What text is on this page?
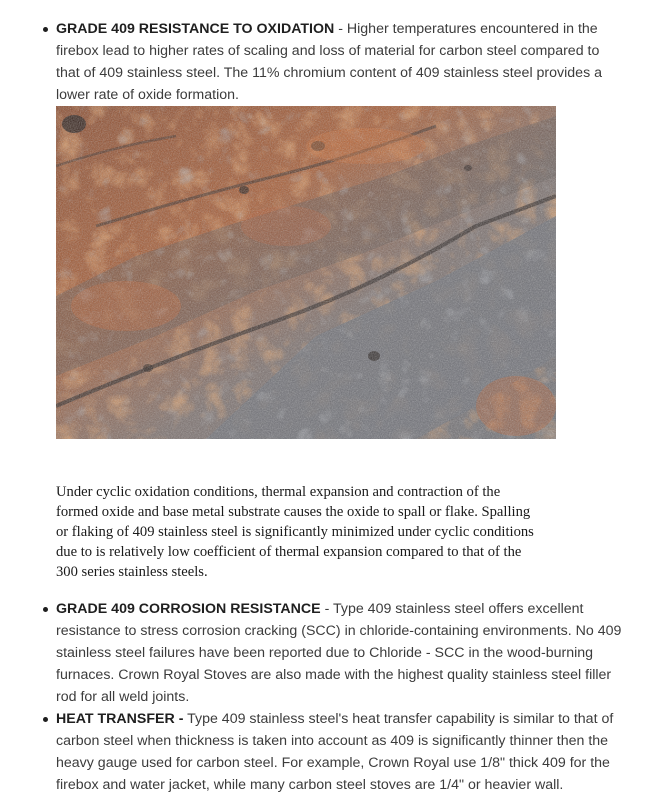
GRADE 409 RESISTANCE TO OXIDATION - Higher temperatures encountered in the firebox lead to higher rates of scaling and loss of material for carbon steel compared to that of 409 stainless steel. The 11% chromium content of 409 stainless steel provides a lower rate of oxide formation.
Under cyclic oxidation conditions, thermal expansion and contraction of the
formed oxide and base metal substrate causes the oxide to spall or flake. Spalling
or flaking of 409 stainless steel is significantly minimized under cyclic conditions
due to is relatively low coefficient of thermal expansion compared to that of the
300 series stainless steels.
GRADE 409 CORROSION RESISTANCE - Type 409 stainless steel offers excellent resistance to stress corrosion cracking (SCC) in chloride-containing environments. No 409 stainless steel failures have been reported due to Chloride - SCC in the wood-burning furnaces. Crown Royal Stoves are also made with the highest quality stainless steel filler rod for all weld joints.
HEAT TRANSFER - Type 409 stainless steel's heat transfer capability is similar to that of carbon steel when thickness is taken into account as 409 is significantly thinner then the heavy gauge used for carbon steel. For example, Crown Royal use 1/8" thick 409 for the firebox and water jacket, while many carbon steel stoves are 1/4" or heavier wall.
